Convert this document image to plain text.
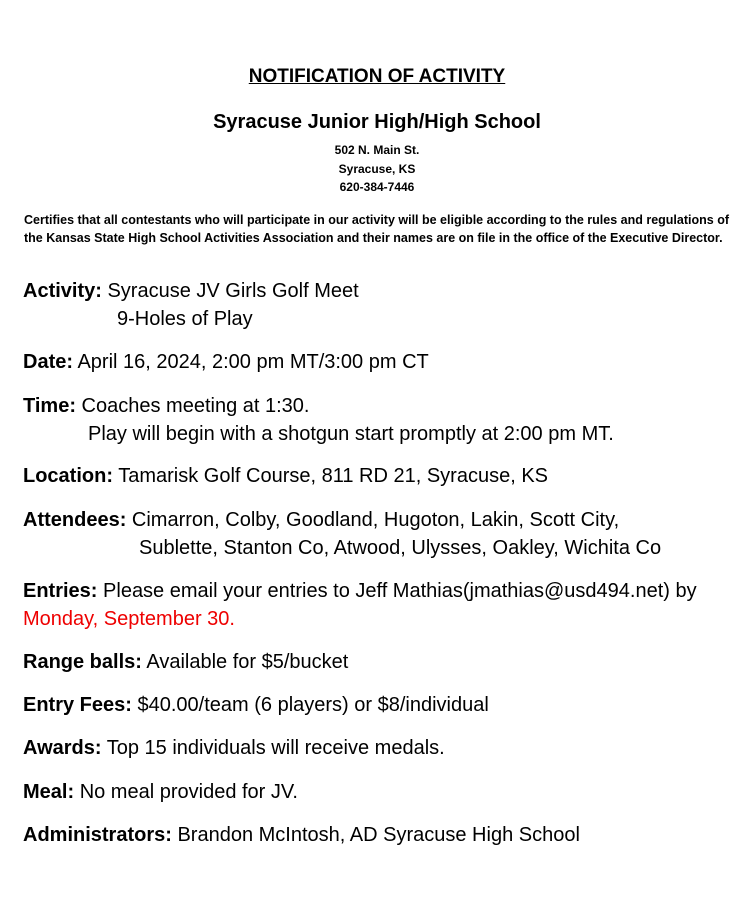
NOTIFICATION OF ACTIVITY
Syracuse Junior High/High School
502 N. Main St.
Syracuse, KS
620-384-7446
Certifies that all contestants who will participate in our activity will be eligible according to the rules and regulations of the Kansas State High School Activities Association and their names are on file in the office of the Executive Director.
Activity: Syracuse JV Girls Golf Meet
9-Holes of Play
Date: April 16, 2024, 2:00 pm MT/3:00 pm CT
Time: Coaches meeting at 1:30.
Play will begin with a shotgun start promptly at 2:00 pm MT.
Location: Tamarisk Golf Course, 811 RD 21, Syracuse, KS
Attendees: Cimarron, Colby, Goodland, Hugoton, Lakin, Scott City,
Sublette, Stanton Co, Atwood, Ulysses, Oakley, Wichita Co
Entries: Please email your entries to Jeff Mathias(jmathias@usd494.net) by
Monday, September 30.
Range balls: Available for $5/bucket
Entry Fees: $40.00/team (6 players) or $8/individual
Awards: Top 15 individuals will receive medals.
Meal: No meal provided for JV.
Administrators: Brandon McIntosh, AD Syracuse High School
